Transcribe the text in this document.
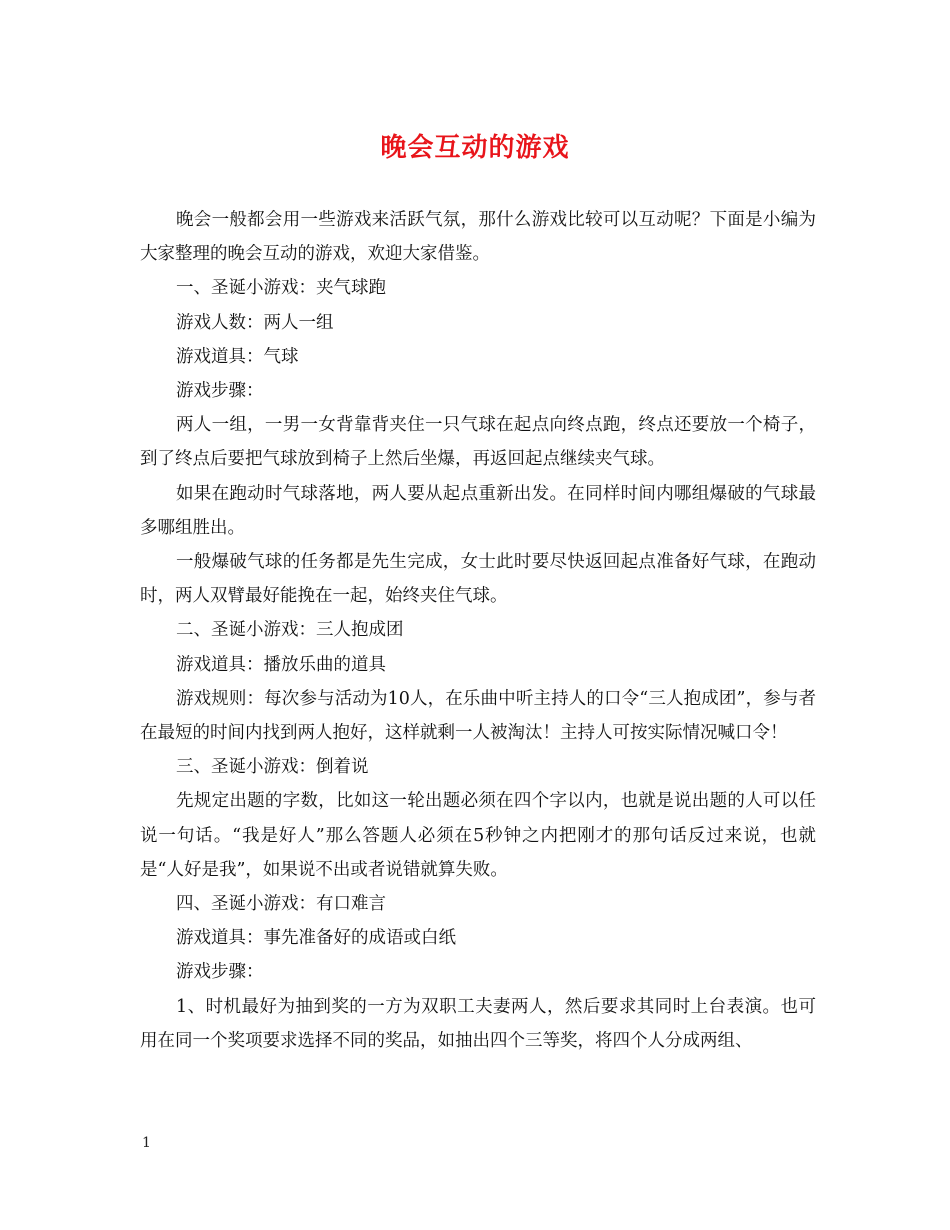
晚会互动的游戏

晚会一般都会用一些游戏来活跃气氛，那什么游戏比较可以互动呢？下面是小编为大家整理的晚会互动的游戏，欢迎大家借鉴。

一、圣诞小游戏：夹气球跑

游戏人数：两人一组

游戏道具：气球

游戏步骤：

两人一组，一男一女背靠背夹住一只气球在起点向终点跑，终点还要放一个椅子，到了终点后要把气球放到椅子上然后坐爆，再返回起点继续夹气球。

如果在跑动时气球落地，两人要从起点重新出发。在同样时间内哪组爆破的气球最多哪组胜出。

一般爆破气球的任务都是先生完成，女士此时要尽快返回起点准备好气球，在跑动时，两人双臂最好能挽在一起，始终夹住气球。

二、圣诞小游戏：三人抱成团

游戏道具：播放乐曲的道具

游戏规则：每次参与活动为10人，在乐曲中听主持人的口令“三人抱成团”，参与者在最短的时间内找到两人抱好，这样就剩一人被淘汰！主持人可按实际情况喊口令！

三、圣诞小游戏：倒着说

先规定出题的字数，比如这一轮出题必须在四个字以内，也就是说出题的人可以任说一句话。“我是好人”那么答题人必须在5秒钟之内把刚才的那句话反过来说，也就是“人好是我”，如果说不出或者说错就算失败。

四、圣诞小游戏：有口难言

游戏道具：事先准备好的成语或白纸

游戏步骤：

1、时机最好为抽到奖的一方为双职工夫妻两人，然后要求其同时上台表演。也可用在同一个奖项要求选择不同的奖品，如抽出四个三等奖，将四个人分成两组、

1
